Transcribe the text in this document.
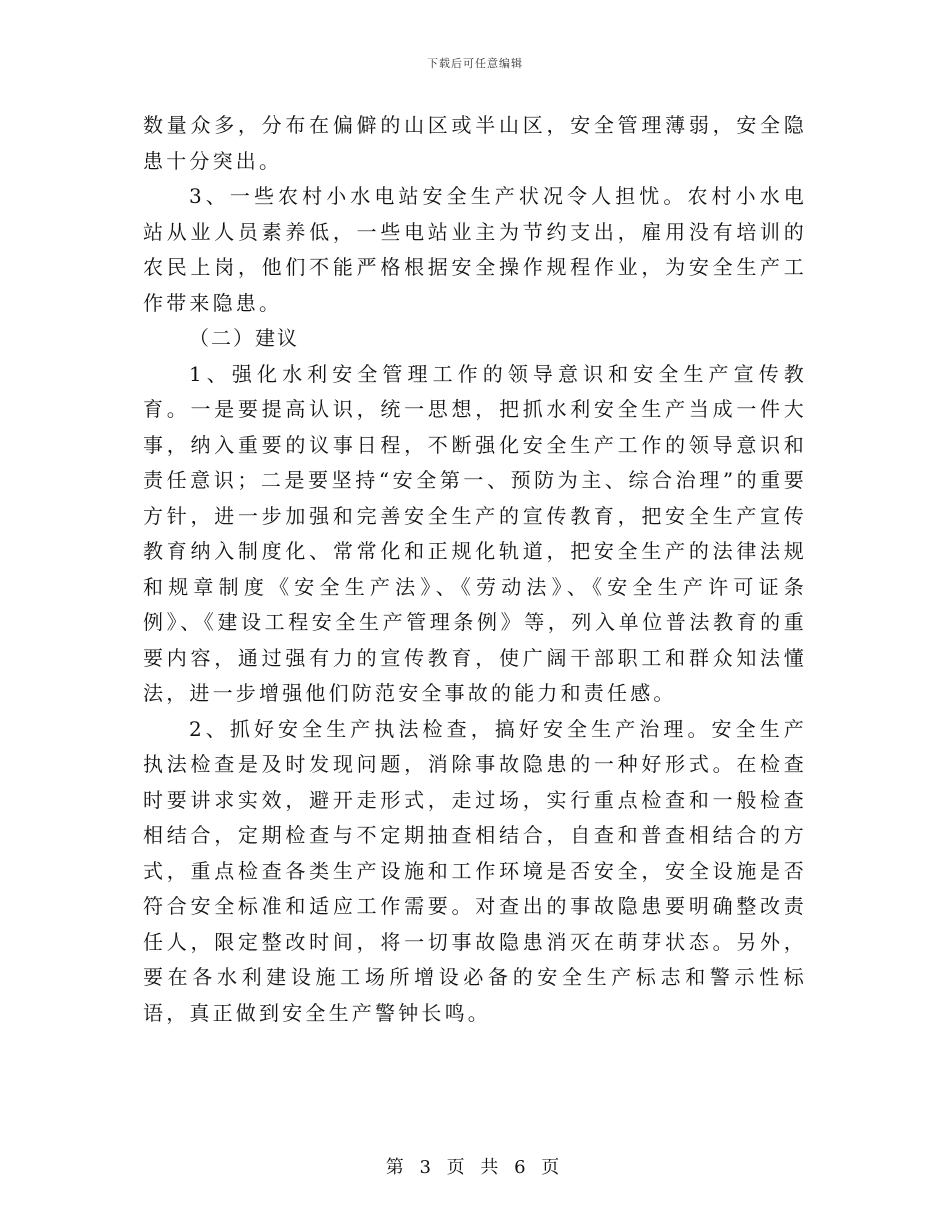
下载后可任意编辑

数量众多，分布在偏僻的山区或半山区，安全管理薄弱，安全隐患十分突出。

3、一些农村小水电站安全生产状况令人担忧。农村小水电站从业人员素养低，一些电站业主为节约支出，雇用没有培训的农民上岗，他们不能严格根据安全操作规程作业，为安全生产工作带来隐患。

（二）建议

1、强化水利安全管理工作的领导意识和安全生产宣传教育。一是要提高认识，统一思想，把抓水利安全生产当成一件大事，纳入重要的议事日程，不断强化安全生产工作的领导意识和责任意识；二是要坚持“安全第一、预防为主、综合治理”的重要方针，进一步加强和完善安全生产的宣传教育，把安全生产宣传教育纳入制度化、常常化和正规化轨道，把安全生产的法律法规和规章制度《安全生产法》、《劳动法》、《安全生产许可证条例》、《建设工程安全生产管理条例》等，列入单位普法教育的重要内容，通过强有力的宣传教育，使广阔干部职工和群众知法懂法，进一步增强他们防范安全事故的能力和责任感。

2、抓好安全生产执法检查，搞好安全生产治理。安全生产执法检查是及时发现问题，消除事故隐患的一种好形式。在检查时要讲求实效，避开走形式，走过场，实行重点检查和一般检查相结合，定期检查与不定期抽查相结合，自查和普查相结合的方式，重点检查各类生产设施和工作环境是否安全，安全设施是否符合安全标准和适应工作需要。对查出的事故隐患要明确整改责任人，限定整改时间，将一切事故隐患消灭在萌芽状态。另外，要在各水利建设施工场所增设必备的安全生产标志和警示性标语，真正做到安全生产警钟长鸣。

第 3 页 共 6 页
